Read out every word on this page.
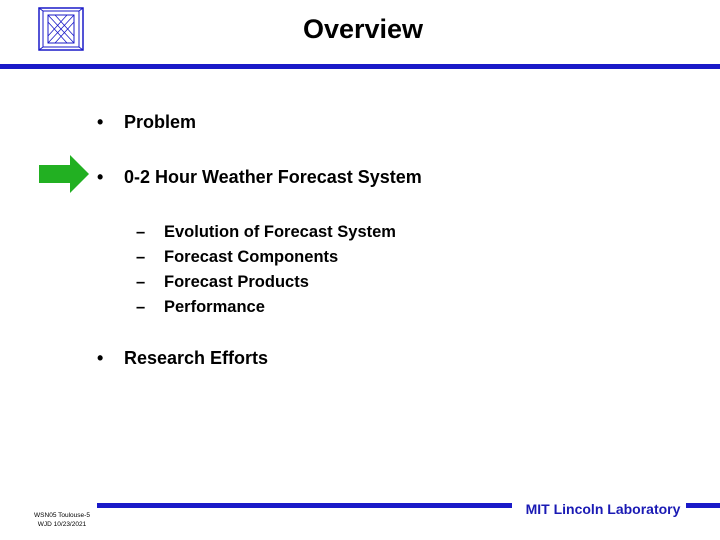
Overview
•	Problem
•	0-2 Hour Weather Forecast System
–	Evolution of Forecast System
–	Forecast Components
–	Forecast Products
–	Performance
•	Research Efforts
WSN05 Toulouse-5
WJD 10/23/2021
MIT Lincoln Laboratory
